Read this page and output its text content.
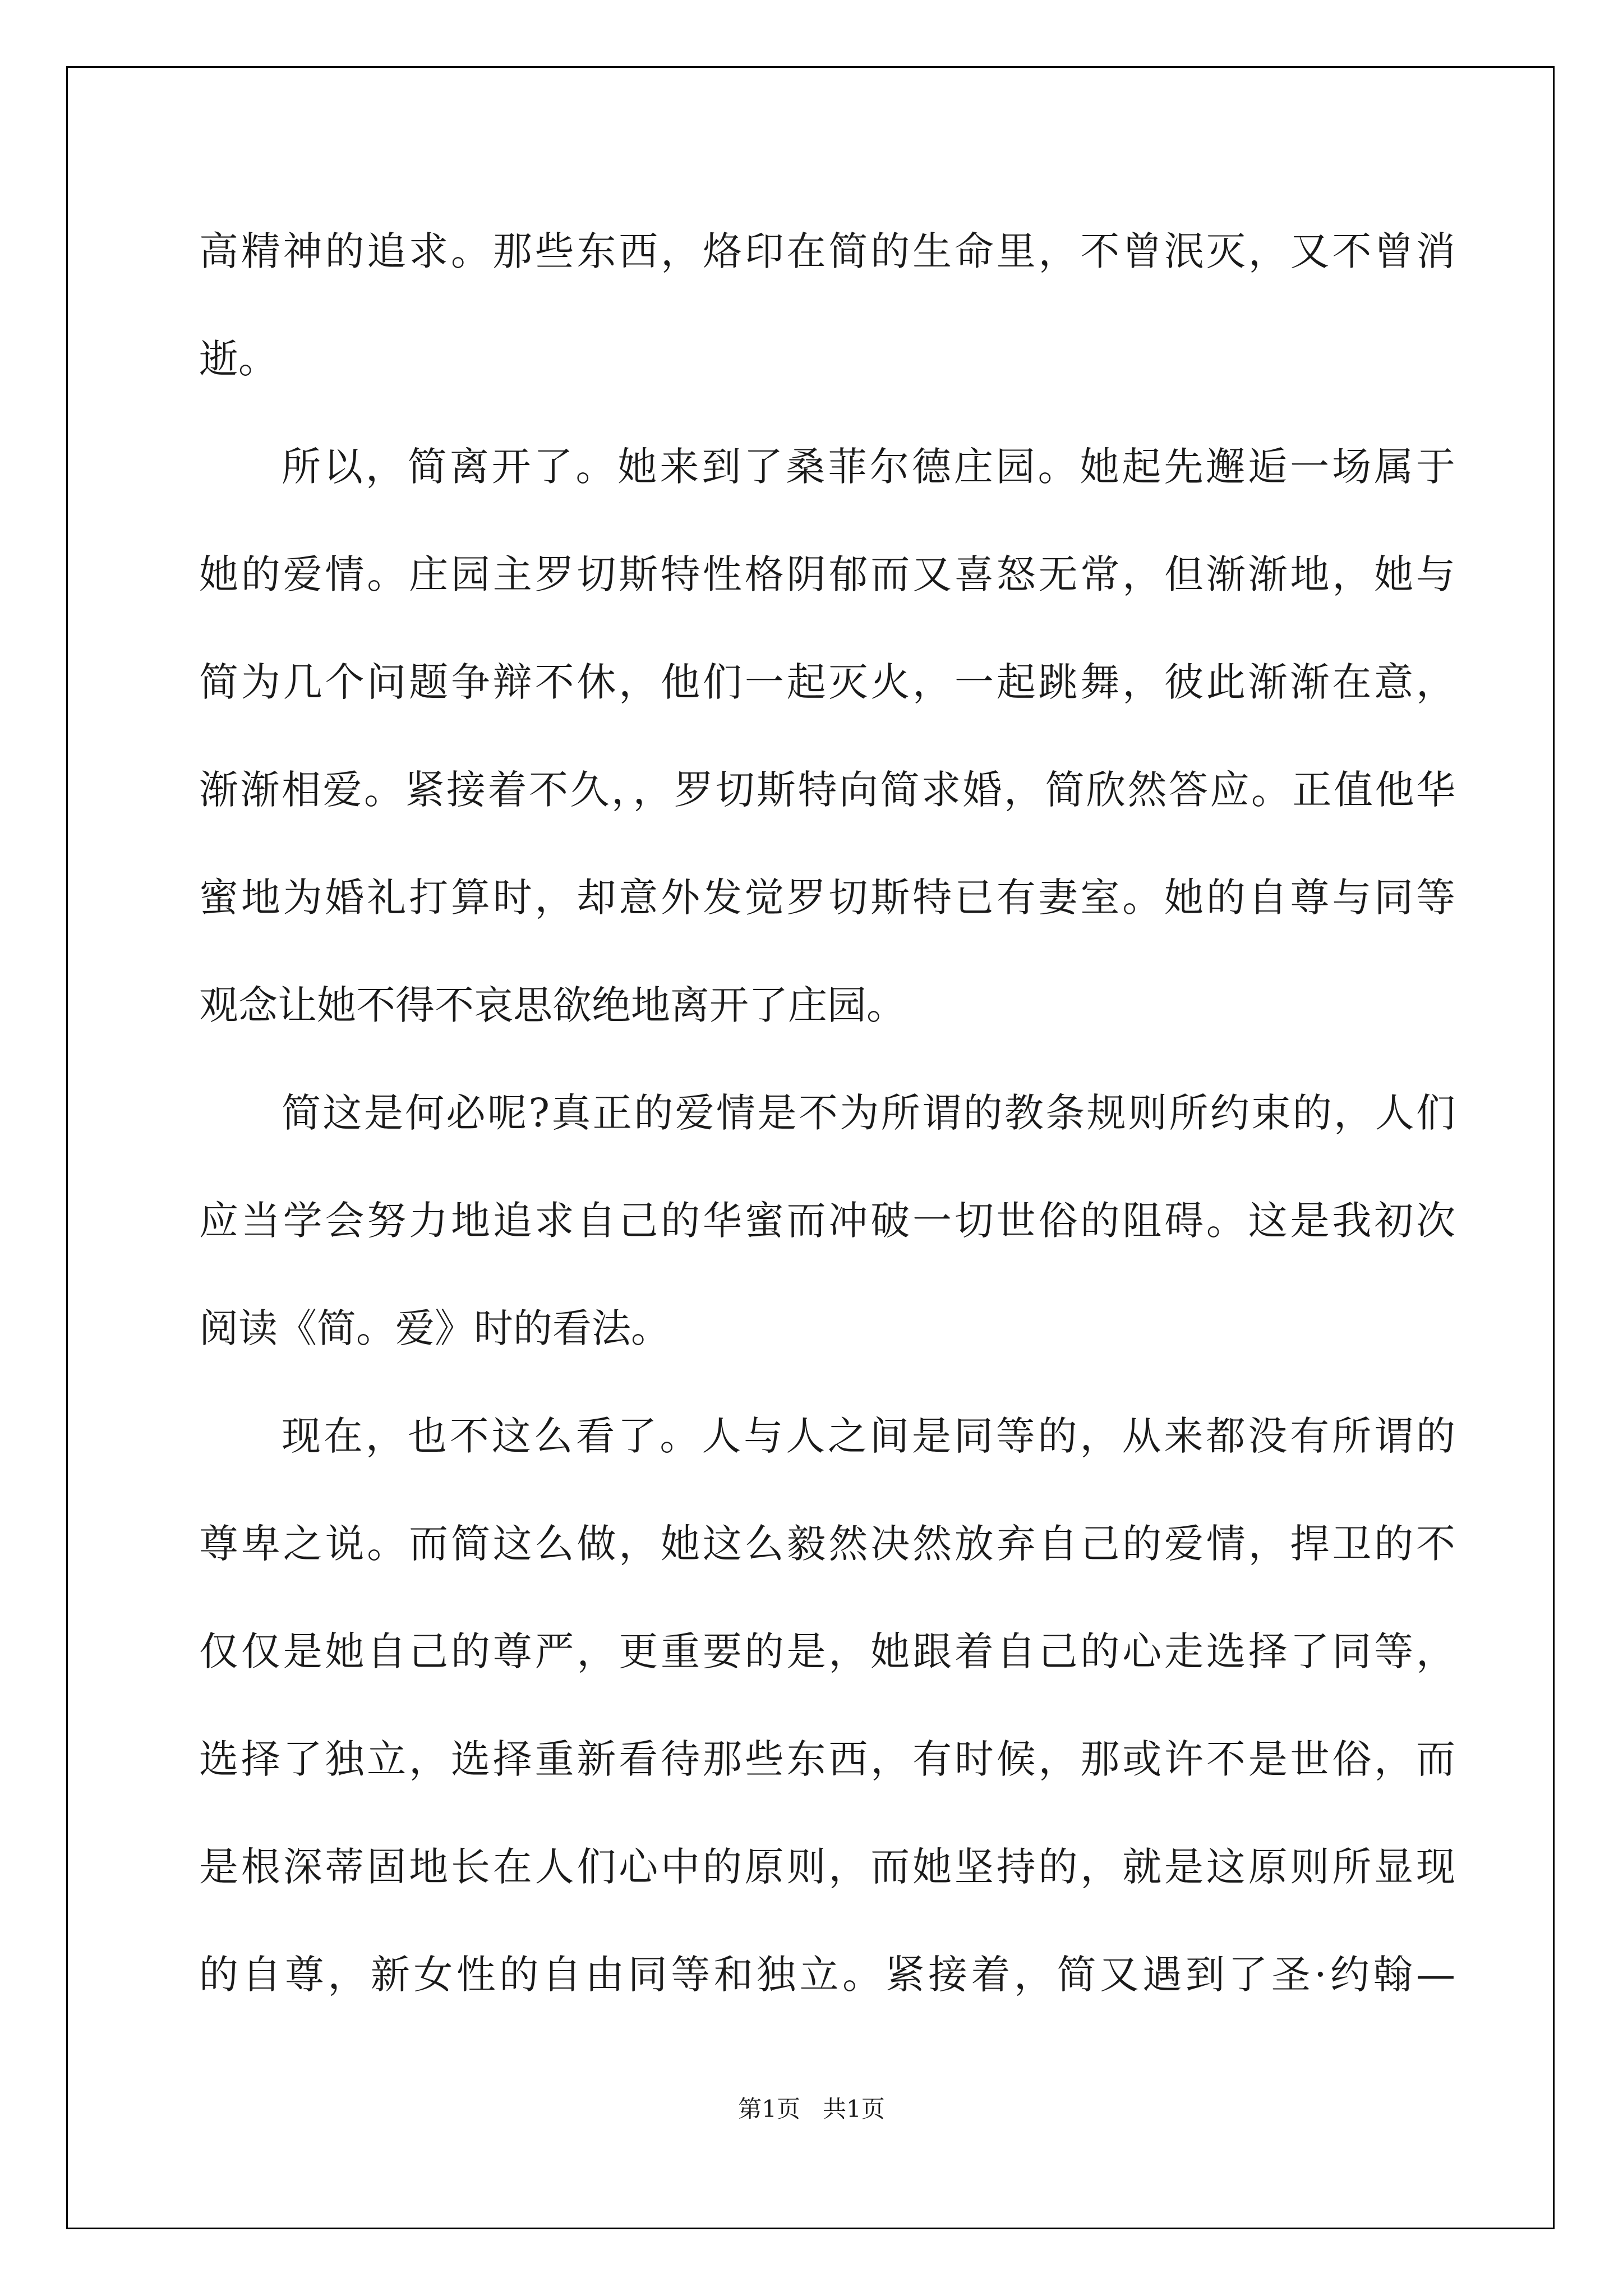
高精神的追求。那些东西，烙印在简的生命里，不曾泯灭，又不曾消
逝。
所以，简离开了。她来到了桑菲尔德庄园。她起先邂逅一场属于
她的爱情。庄园主罗切斯特性格阴郁而又喜怒无常，但渐渐地，她与
简为几个问题争辩不休，他们一起灭火，一起跳舞，彼此渐渐在意，
渐渐相爱。紧接着不久，，罗切斯特向简求婚，简欣然答应。正值他华
蜜地为婚礼打算时，却意外发觉罗切斯特已有妻室。她的自尊与同等
观念让她不得不哀思欲绝地离开了庄园。
简这是何必呢?真正的爱情是不为所谓的教条规则所约束的，人们
应当学会努力地追求自己的华蜜而冲破一切世俗的阻碍。这是我初次
阅读《简。爱》时的看法。
现在，也不这么看了。人与人之间是同等的，从来都没有所谓的
尊卑之说。而简这么做，她这么毅然决然放弃自己的爱情，捍卫的不
仅仅是她自己的尊严，更重要的是，她跟着自己的心走选择了同等，
选择了独立，选择重新看待那些东西，有时候，那或许不是世俗，而
是根深蒂固地长在人们心中的原则，而她坚持的，就是这原则所显现
的自尊，新女性的自由同等和独立。紧接着，简又遇到了圣·约翰—
第1页   共1页
